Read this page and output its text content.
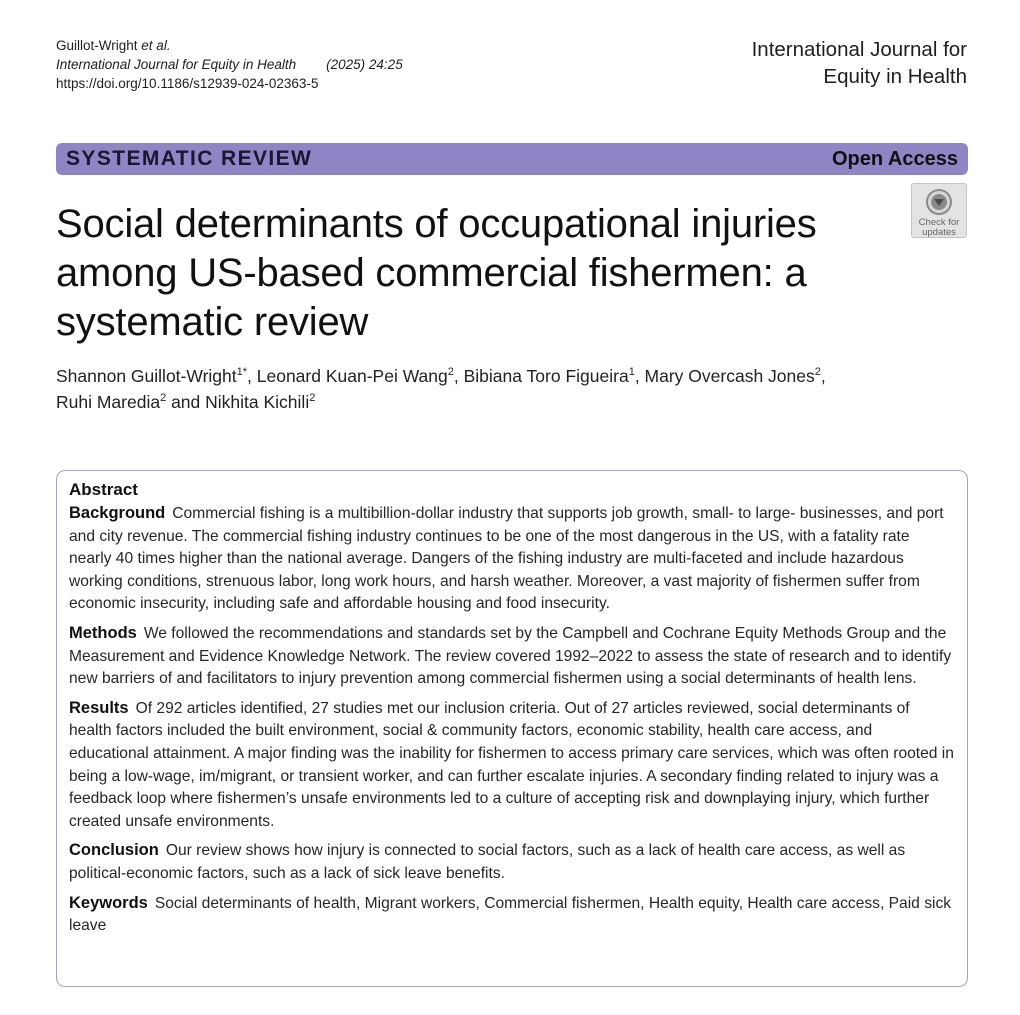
Guillot-Wright et al.
International Journal for Equity in Health (2025) 24:25
https://doi.org/10.1186/s12939-024-02363-5
International Journal for
Equity in Health
SYSTEMATIC REVIEW	Open Access
Check for updates
Social determinants of occupational injuries among US-based commercial fishermen: a systematic review
Shannon Guillot-Wright$^{1*}$, Leonard Kuan-Pei Wang$^2$, Bibiana Toro Figueira$^1$, Mary Overcash Jones$^2$,
Ruhi Maredia$^2$ and Nikhita Kichili$^2$
Abstract

Background Commercial fishing is a multibillion-dollar industry that supports job growth, small- to large- businesses, and port and city revenue. The commercial fishing industry continues to be one of the most dangerous in the US, with a fatality rate nearly 40 times higher than the national average. Dangers of the fishing industry are multi-faceted and include hazardous working conditions, strenuous labor, long work hours, and harsh weather. Moreover, a vast majority of fishermen suffer from economic insecurity, including safe and affordable housing and food insecurity.

Methods We followed the recommendations and standards set by the Campbell and Cochrane Equity Methods Group and the Measurement and Evidence Knowledge Network. The review covered 1992–2022 to assess the state of research and to identify new barriers of and facilitators to injury prevention among commercial fishermen using a social determinants of health lens.

Results Of 292 articles identified, 27 studies met our inclusion criteria. Out of 27 articles reviewed, social determinants of health factors included the built environment, social & community factors, economic stability, health care access, and educational attainment. A major finding was the inability for fishermen to access primary care services, which was often rooted in being a low-wage, im/migrant, or transient worker, and can further escalate injuries. A secondary finding related to injury was a feedback loop where fishermen’s unsafe environments led to a culture of accepting risk and downplaying injury, which further created unsafe environments.

Conclusion Our review shows how injury is connected to social factors, such as a lack of health care access, as well as political-economic factors, such as a lack of sick leave benefits.

Keywords Social determinants of health, Migrant workers, Commercial fishermen, Health equity, Health care access, Paid sick leave
